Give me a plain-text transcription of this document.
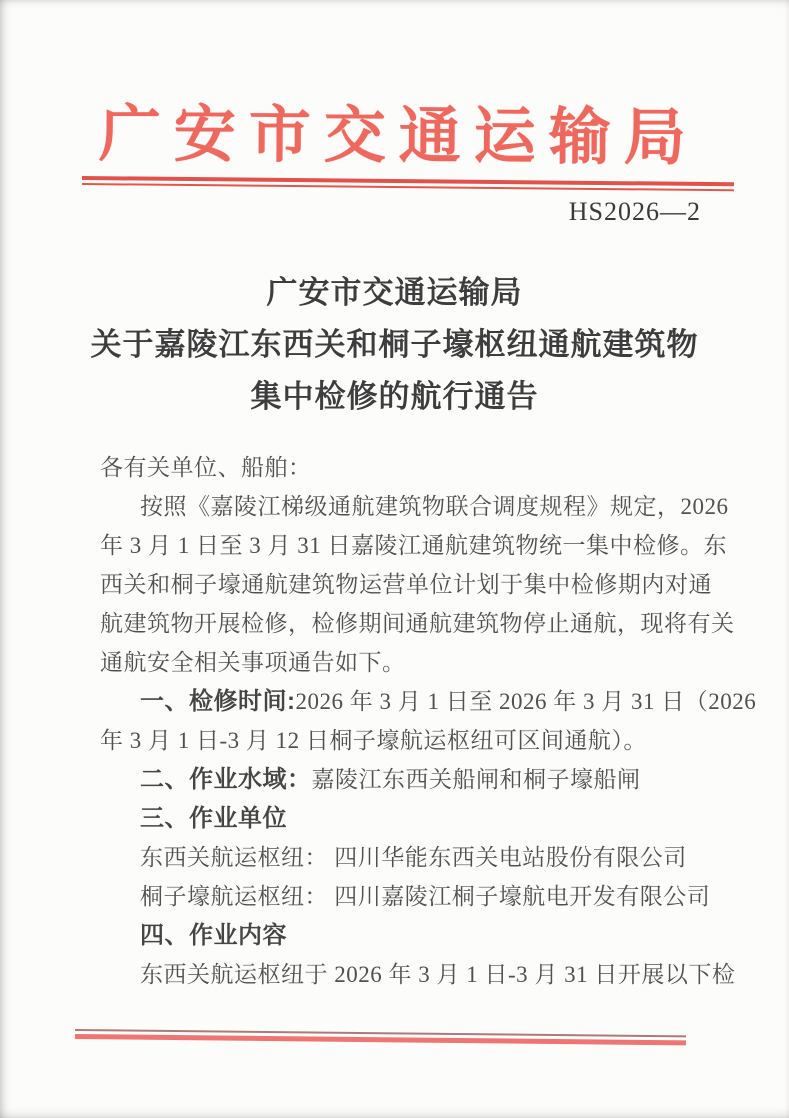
广安市交通运输局
HS2026—2
广安市交通运输局
关于嘉陵江东西关和桐子壕枢纽通航建筑物
集中检修的航行通告
各有关单位、船舶：
按照《嘉陵江梯级通航建筑物联合调度规程》规定，2026
年 3 月 1 日至 3 月 31 日嘉陵江通航建筑物统一集中检修。东
西关和桐子壕通航建筑物运营单位计划于集中检修期内对通
航建筑物开展检修，检修期间通航建筑物停止通航，现将有关
通航安全相关事项通告如下。
一、检修时间:2026 年 3 月 1 日至 2026 年 3 月 31 日（2026
年 3 月 1 日-3 月 12 日桐子壕航运枢纽可区间通航）。
二、作业水域：嘉陵江东西关船闸和桐子壕船闸
三、作业单位
东西关航运枢纽： 四川华能东西关电站股份有限公司
桐子壕航运枢纽： 四川嘉陵江桐子壕航电开发有限公司
四、作业内容
东西关航运枢纽于 2026 年 3 月 1 日-3 月 31 日开展以下检
